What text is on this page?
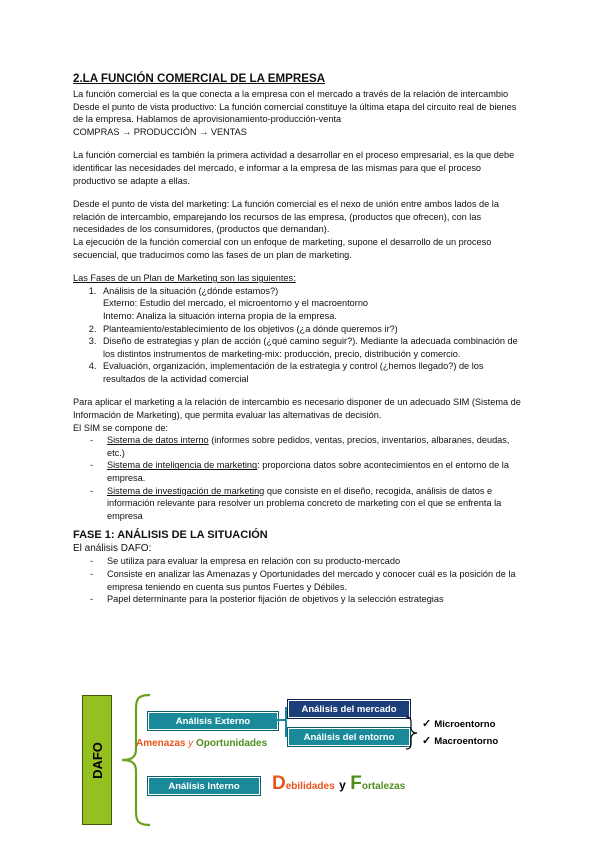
2.LA FUNCIÓN COMERCIAL DE LA EMPRESA

La función comercial es la que conecta a la empresa con el mercado a través de la relación de intercambio

Desde el punto de vista productivo: La función comercial constituye la última etapa del circuito real de bienes de la empresa. Hablamos de aprovisionamiento-producción-venta

COMPRAS → PRODUCCIÓN → VENTAS

La función comercial es también la primera actividad a desarrollar en el proceso empresarial, es la que debe identificar las necesidades del mercado, e informar a la empresa de las mismas para que el proceso productivo se adapte a ellas.

Desde el punto de vista del marketing: La función comercial es el nexo de unión entre ambos lados de la relación de intercambio, emparejando los recursos de las empresa, (productos que ofrecen), con las necesidades de los consumidores, (productos que demandan).

La ejecución de la función comercial con un enfoque de marketing, supone el desarrollo de un proceso secuencial, que traducimos como las fases de un plan de marketing.

Las Fases de un Plan de Marketing son las siguientes:

1. Análisis de la situación (¿dónde estamos?)
Externo: Estudio del mercado, el microentorno y el macroentorno
Interno: Analiza la situación interna propia de la empresa.
2. Planteamiento/establecimiento de los objetivos (¿a dónde queremos ir?)
3. Diseño de estrategias y plan de acción (¿qué camino seguir?). Mediante la adecuada combinación de los distintos instrumentos de marketing-mix: producción, precio, distribución y comercio.
4. Evaluación, organización, implementación de la estrategia y control (¿hemos llegado?) de los resultados de la actividad comercial

Para aplicar el marketing a la relación de intercambio es necesario disponer de un adecuado SIM (Sistema de Información de Marketing), que permita evaluar las alternativas de decisión.

El SIM se compone de:

- Sistema de datos interno (informes sobre pedidos, ventas, precios, inventarios, albaranes, deudas, etc.)
- Sistema de inteligencia de marketing: proporciona datos sobre acontecimientos en el entorno de la empresa.
- Sistema de investigación de marketing que consiste en el diseño, recogida, análisis de datos e información relevante para resolver un problema concreto de marketing con el que se enfrenta la empresa

FASE 1: ANÁLISIS DE LA SITUACIÓN

El análisis DAFO:

- Se utiliza para evaluar la empresa en relación con su producto-mercado
- Consiste en analizar las Amenazas y Oportunidades del mercado y conocer cuál es la posición de la empresa teniendo en cuenta sus puntos Fuertes y Débiles.
- Papel determinante para la posterior fijación de objetivos y la selección estrategias
DAFO
Análisis Externo
Análisis del mercado
Análisis del entorno
Amenazas y Oportunidades
✓ Microentorno
✓ Macroentorno
Análisis Interno Debilidades y Fortalezas
